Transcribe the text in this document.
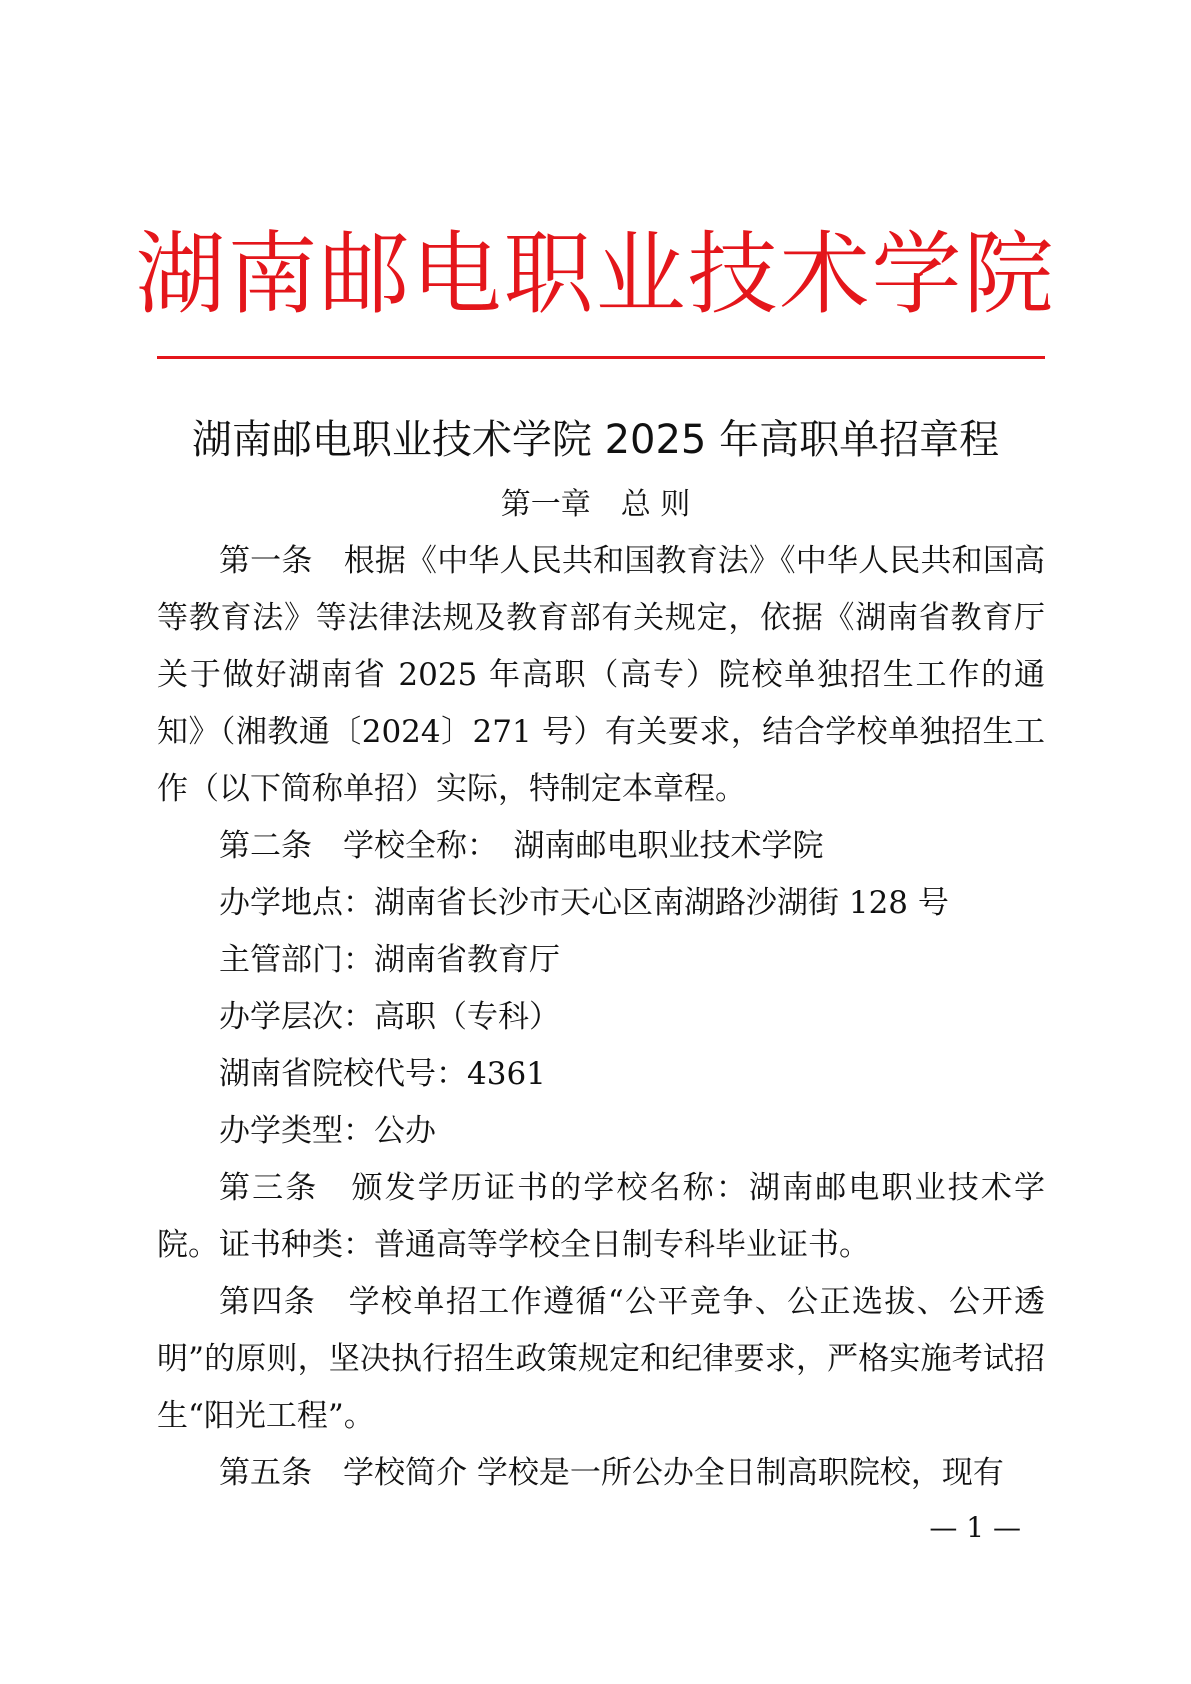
湖南邮电职业技术学院
湖南邮电职业技术学院 2025 年高职单招章程
第一章　总 则

第一条　根据《中华人民共和国教育法》《中华人民共和国高等教育法》等法律法规及教育部有关规定，依据《湖南省教育厅关于做好湖南省 2025 年高职（高专）院校单独招生工作的通知》（湘教通〔2024〕271 号）有关要求，结合学校单独招生工作（以下简称单招）实际，特制定本章程。

第二条　学校全称：　湖南邮电职业技术学院

办学地点：湖南省长沙市天心区南湖路沙湖街 128 号

主管部门：湖南省教育厅

办学层次：高职（专科）

湖南省院校代号：4361

办学类型：公办

第三条　颁发学历证书的学校名称：湖南邮电职业技术学院。证书种类：普通高等学校全日制专科毕业证书。

第四条　学校单招工作遵循“公平竞争、公正选拔、公开透明”的原则，坚决执行招生政策规定和纪律要求，严格实施考试招生“阳光工程”。

第五条　学校简介 学校是一所公办全日制高职院校，现有

— 1 —
